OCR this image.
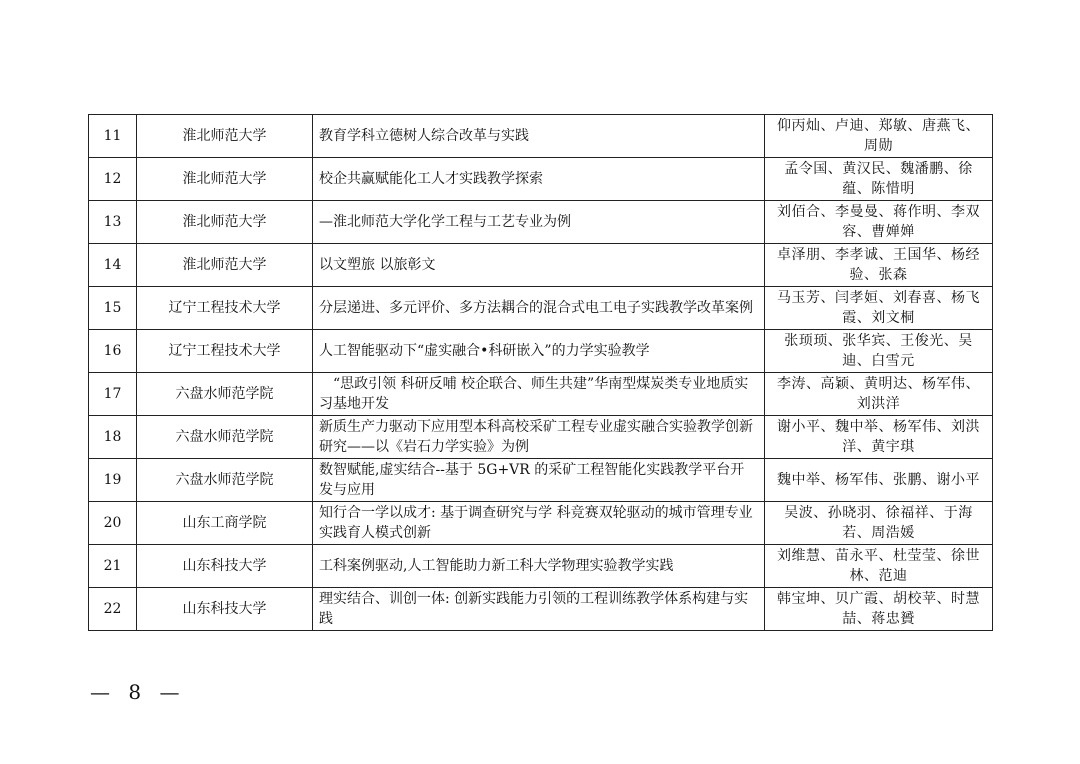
11	淮北师范大学	教育学科立德树人综合改革与实践	仰丙灿、卢迪、郑敏、唐燕飞、周勋
12	淮北师范大学	校企共赢赋能化工人才实践教学探索	孟令国、黄汉民、魏潘鹏、徐蕴、陈惜明
13	淮北师范大学	—淮北师范大学化学工程与工艺专业为例	刘佰合、李曼曼、蒋作明、李双容、曹婵婵
14	淮北师范大学	以文塑旅 以旅彰文	卓泽朋、李孝诚、王国华、杨经验、张森
15	辽宁工程技术大学	分层递进、多元评价、多方法耦合的混合式电工电子实践教学改革案例	马玉芳、闫孝姮、刘春喜、杨飞霞、刘文桐
16	辽宁工程技术大学	人工智能驱动下“虚实融合•科研嵌入”的力学实验教学	张顼顼、张华宾、王俊光、吴迪、白雪元
17	六盘水师范学院	“思政引领 科研反哺 校企联合、师生共建”华南型煤炭类专业地质实习基地开发	李涛、高颖、黄明达、杨军伟、刘洪洋
18	六盘水师范学院	新质生产力驱动下应用型本科高校采矿工程专业虚实融合实验教学创新研究——以《岩石力学实验》为例	谢小平、魏中举、杨军伟、刘洪洋、黄宇琪
19	六盘水师范学院	数智赋能,虚实结合--基于 5G+VR 的采矿工程智能化实践教学平台开发与应用	魏中举、杨军伟、张鹏、谢小平
20	山东工商学院	知行合一学以成才: 基于调查研究与学 科竞赛双轮驱动的城市管理专业实践育人模式创新	吴波、孙晓羽、徐福祥、于海若、周浩媛
21	山东科技大学	工科案例驱动,人工智能助力新工科大学物理实验教学实践	刘维慧、苗永平、杜莹莹、徐世林、范迪
22	山东科技大学	理实结合、训创一体: 创新实践能力引领的工程训练教学体系构建与实践	韩宝坤、贝广霞、胡校苹、时慧喆、蒋忠贇
— 8 —
